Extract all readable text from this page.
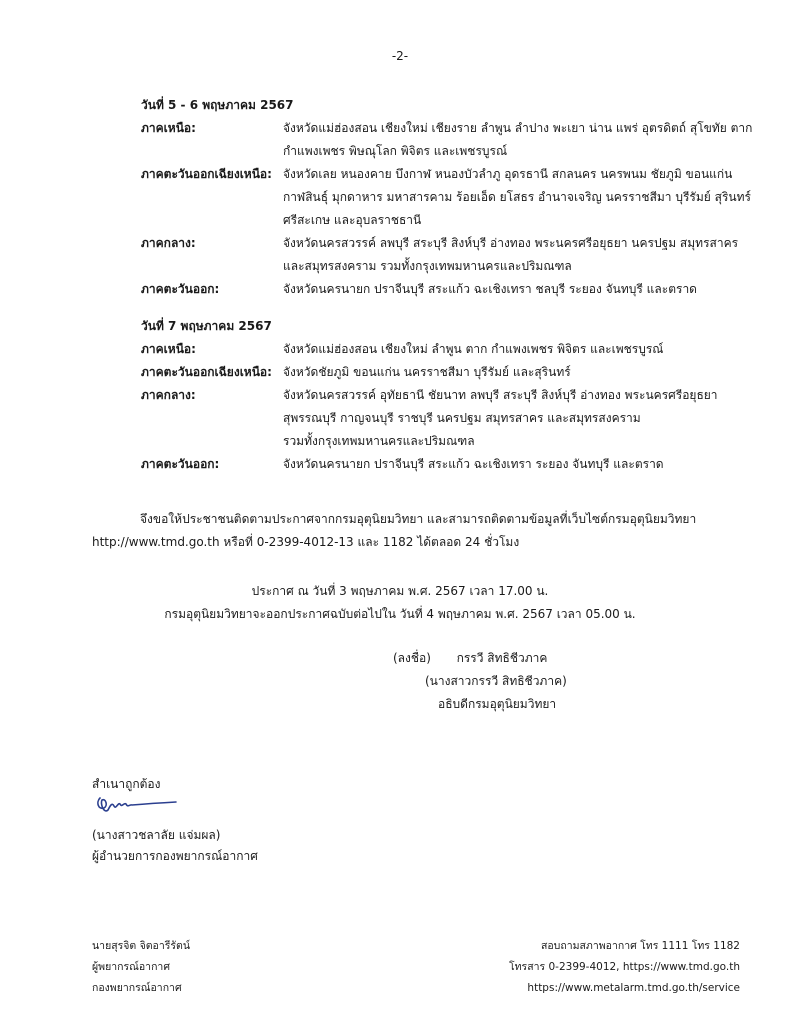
-2-
วันที่ 5 - 6 พฤษภาคม 2567
ภาคเหนือ:	จังหวัดแม่ฮ่องสอน เชียงใหม่ เชียงราย ลำพูน ลำปาง พะเยา น่าน แพร่ อุตรดิตถ์ สุโขทัย ตาก
กำแพงเพชร พิษณุโลก พิจิตร และเพชรบูรณ์
ภาคตะวันออกเฉียงเหนือ: จังหวัดเลย หนองคาย บึงกาฬ หนองบัวลำภู อุดรธานี สกลนคร นครพนม ชัยภูมิ ขอนแก่น
กาฬสินธุ์ มุกดาหาร มหาสารคาม ร้อยเอ็ด ยโสธร อำนาจเจริญ นครราชสีมา บุรีรัมย์ สุรินทร์
ศรีสะเกษ และอุบลราชธานี
ภาคกลาง:	จังหวัดนครสวรรค์ ลพบุรี สระบุรี สิงห์บุรี อ่างทอง พระนครศรีอยุธยา นครปฐม สมุทรสาคร
และสมุทรสงคราม รวมทั้งกรุงเทพมหานครและปริมณฑล
ภาคตะวันออก:	จังหวัดนครนายก ปราจีนบุรี สระแก้ว ฉะเชิงเทรา ชลบุรี ระยอง จันทบุรี และตราด
วันที่ 7 พฤษภาคม 2567
ภาคเหนือ:	จังหวัดแม่ฮ่องสอน เชียงใหม่ ลำพูน ตาก กำแพงเพชร พิจิตร และเพชรบูรณ์
ภาคตะวันออกเฉียงเหนือ: จังหวัดชัยภูมิ ขอนแก่น นครราชสีมา บุรีรัมย์ และสุรินทร์
ภาคกลาง:	จังหวัดนครสวรรค์ อุทัยธานี ชัยนาท ลพบุรี สระบุรี สิงห์บุรี อ่างทอง พระนครศรีอยุธยา
สุพรรณบุรี กาญจนบุรี ราชบุรี นครปฐม สมุทรสาคร และสมุทรสงคราม
รวมทั้งกรุงเทพมหานครและปริมณฑล
ภาคตะวันออก:	จังหวัดนครนายก ปราจีนบุรี สระแก้ว ฉะเชิงเทรา ระยอง จันทบุรี และตราด
จึงขอให้ประชาชนติดตามประกาศจากกรมอุตุนิยมวิทยา และสามารถติดตามข้อมูลที่เว็บไซต์กรมอุตุนิยมวิทยา
http://www.tmd.go.th หรือที่ 0-2399-4012-13 และ 1182 ได้ตลอด 24 ชั่วโมง
ประกาศ ณ วันที่ 3 พฤษภาคม พ.ศ. 2567 เวลา 17.00 น.
กรมอุตุนิยมวิทยาจะออกประกาศฉบับต่อไปใน วันที่ 4 พฤษภาคม พ.ศ. 2567 เวลา 05.00 น.
(ลงชื่อ) กรรวี สิทธิชีวภาค
(นางสาวกรรวี สิทธิชีวภาค)
อธิบดีกรมอุตุนิยมวิทยา
สำเนาถูกต้อง
(นางสาวชลาลัย แจ่มผล)
ผู้อำนวยการกองพยากรณ์อากาศ
นายสุรจิต จิตอารีรัตน์
ผู้พยากรณ์อากาศ
กองพยากรณ์อากาศ
สอบถามสภาพอากาศ โทร 1111 โทร 1182
โทรสาร 0-2399-4012, https://www.tmd.go.th
https://www.metalarm.tmd.go.th/service
